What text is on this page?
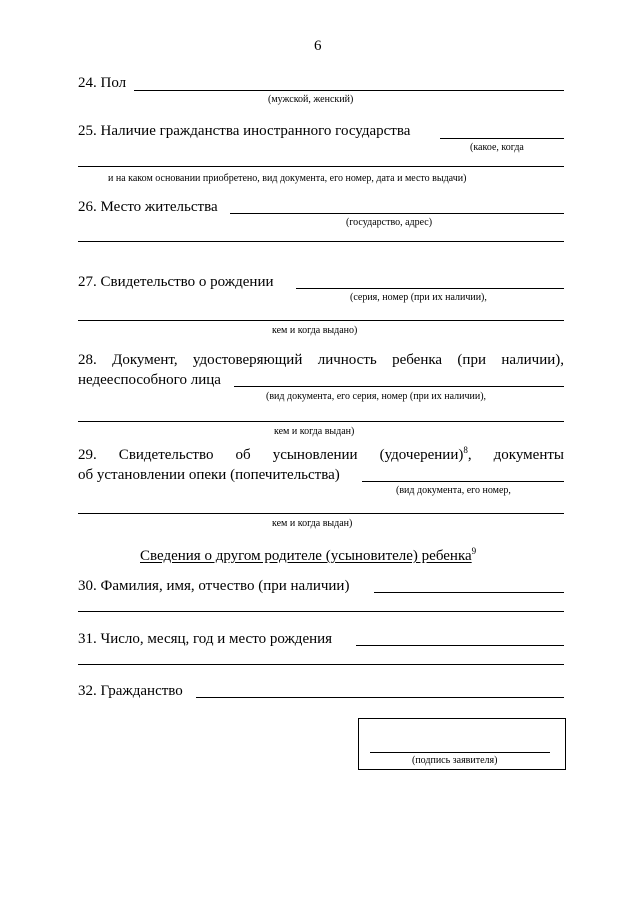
6
24. Пол
(мужской, женский)
25. Наличие гражданства иностранного государства
(какое, когда
и на каком основании приобретено, вид документа, его номер, дата и место выдачи)
26. Место жительства
(государство, адрес)
27. Свидетельство о рождении
(серия, номер (при их наличии),
кем и когда выдано)
28. Документ, удостоверяющий личность ребенка (при наличии),
недееспособного лица
(вид документа, его серия, номер (при их наличии),
кем и когда выдан)
29. Свидетельство об усыновлении (удочерении)$^8$, документы
об установлении опеки (попечительства)
(вид документа, его номер,
кем и когда выдан)
Сведения о другом родителе (усыновителе) ребенка$^9$
30. Фамилия, имя, отчество (при наличии)
31. Число, месяц, год и место рождения
32. Гражданство
(подпись заявителя)
